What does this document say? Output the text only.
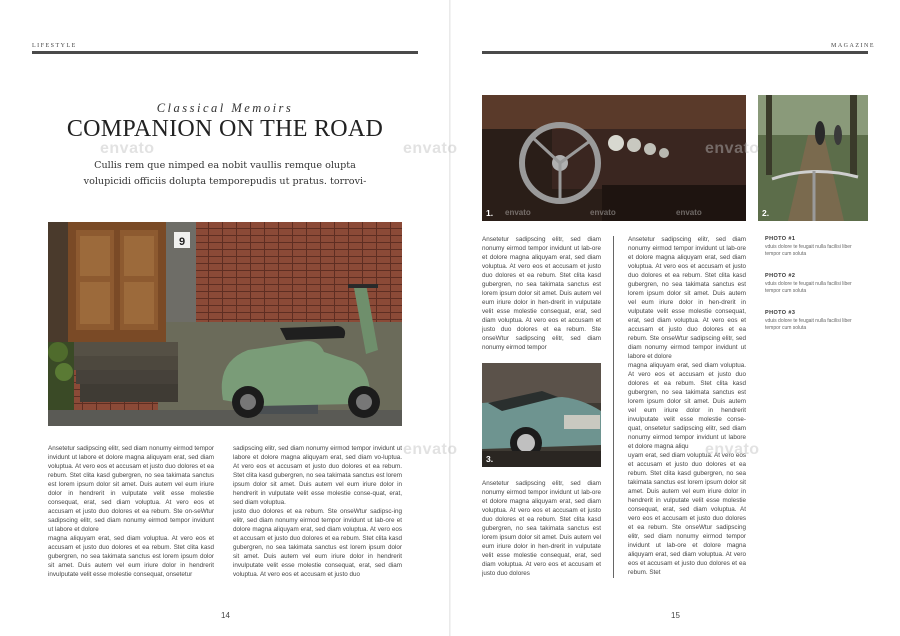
LIFESTYLE
Classical Memoirs
COMPANION ON THE ROAD
Cullis rem que nimped ea nobit vaullis remque olupta
volupicidi officiis dolupta temporepudis ut pratus. torrovi-
9
Ansetetur sadipscing elitr, sed diam nonumy eirmod tempor invidunt ut labore et dolore magna aliquyam erat, sed diam voluptua. At vero eos et accusam et justo duo dolores et ea rebum. Stet clita kasd gubergren, no sea takimata sanctus est lorem ipsum dolor sit amet. Duis autem vel eum iriure dolor in hendrerit in vulputate velit esse molestie consequat, erat, sed diam voluptua. At vero eos et accusam et justo duo dolores et ea rebum. Ste on-seWtur sadipscing elitr, sed diam nonumy eirmod tempor invidunt ut labore et dolore
magna aliquyam erat, sed diam voluptua. At vero eos et accusam et justo duo dolores et ea rebum. Stet clita kasd gubergren, no sea takimata sanctus est lorem ipsum dolor sit amet. Duis autem vel eum iriure dolor in hendrerit invulputate velit esse molestie consequat, onsetetur
sadipscing elitr, sed diam nonumy eirmod tempor invidunt ut labore et dolore magna aliquyam erat, sed diam vo-luptua. At vero eos et accusam et justo duo dolores et ea rebum. Stet clita kasd gubergren, no sea takimata sanctus est lorem ipsum dolor sit amet. Duis autem vel eum iriure dolor in hendrerit in vulputate velit esse molestie conse-quat, erat, sed diam voluptua.
justo duo dolores et ea rebum. Ste onseWtur sadipsc-ing elitr, sed diam nonumy eirmod tempor invidunt ut lab-ore et dolore magna aliquyam erat, sed diam voluptua. At vero eos et accusam et justo duo dolores et ea rebum. Stet clita kasd gubergren, no sea takimata sanctus est lorem ipsum dolor sit amet. Duis autem vel eum iriure dolor in hendrerit invulputate velit esse molestie consequat, erat, sed diam voluptua. At vero eos et accusam et justo duo
14
MAGAZINE
1.	2.
PHOTO #1
vduis dolore te feugait nulla facilisi liber tempor cum soluta
PHOTO #2
vduis dolore te feugait nulla facilisi liber tempor cum soluta
PHOTO #3
vduis dolore te feugait nulla facilisi liber tempor cum soluta
Ansetetur sadipscing elitr, sed diam nonumy eirmod tempor invidunt ut lab-ore et dolore magna aliquyam erat, sed diam voluptua. At vero eos et accusam et justo duo dolores et ea rebum. Stet clita kasd gubergren, no sea takimata sanctus est lorem ipsum dolor sit amet. Duis autem vel eum iriure dolor in hen-drerit in vulputate velit esse molestie consequat, erat, sed diam voluptua. At vero eos et accusam et justo duo dolores et ea rebum. Ste onseWtur sadipscing elitr, sed diam nonumy eirmod tempor
3.
Ansetetur sadipscing elitr, sed diam nonumy eirmod tempor invidunt ut lab-ore et dolore magna aliquyam erat, sed diam voluptua. At vero eos et accusam et justo duo dolores et ea rebum. Stet clita kasd gubergren, no sea takimata sanctus est lorem ipsum dolor sit amet. Duis autem vel eum iriure dolor in hen-drerit in vulputate velit esse molestie consequat, erat, sed diam voluptua. At vero eos et accusam et justo duo dolores
Ansetetur sadipscing elitr, sed diam nonumy eirmod tempor invidunt ut lab-ore et dolore magna aliquyam erat, sed diam voluptua. At vero eos et accusam et justo duo dolores et ea rebum. Stet clita kasd gubergren, no sea takimata sanctus est lorem ipsum dolor sit amet. Duis autem vel eum iriure dolor in hen-drerit in vulputate velit esse molestie consequat, erat, sed diam voluptua. At vero eos et accusam et justo duo dolores et ea rebum. Ste onseWtur sadipscing elitr, sed diam nonumy eirmod tempor invidunt ut labore et dolore
magna aliquyam erat, sed diam voluptua. At vero eos et accusam et justo duo dolores et ea rebum. Stet clita kasd gubergren, no sea takimata sanctus est lorem ipsum dolor sit amet. Duis autem vel eum iriure dolor in hendrerit invulputate velit esse molestie conse-quat, onsetetur sadipscing elitr, sed diam nonumy eirmod tempor invidunt ut labore et dolore magna aliqu
uyam erat, sed diam voluptua. At vero eos et accusam et justo duo dolores et ea rebum. Stet clita kasd gubergren, no sea takimata sanctus est lorem ipsum dolor sit amet. Duis autem vel eum iriure dolor in hendrerit in vulputate velit esse molestie consequat, erat, sed diam voluptua. At vero eos et accusam et justo duo dolores et ea rebum. Ste onseWtur sadipscing elitr, sed diam nonumy eirmod tempor invidunt ut lab-ore et dolore magna aliquyam erat, sed diam voluptua. At vero eos et accusam et justo duo dolores et ea rebum. Stet
15
envato	envato	envato
envato	envato
envato	envato	envato
